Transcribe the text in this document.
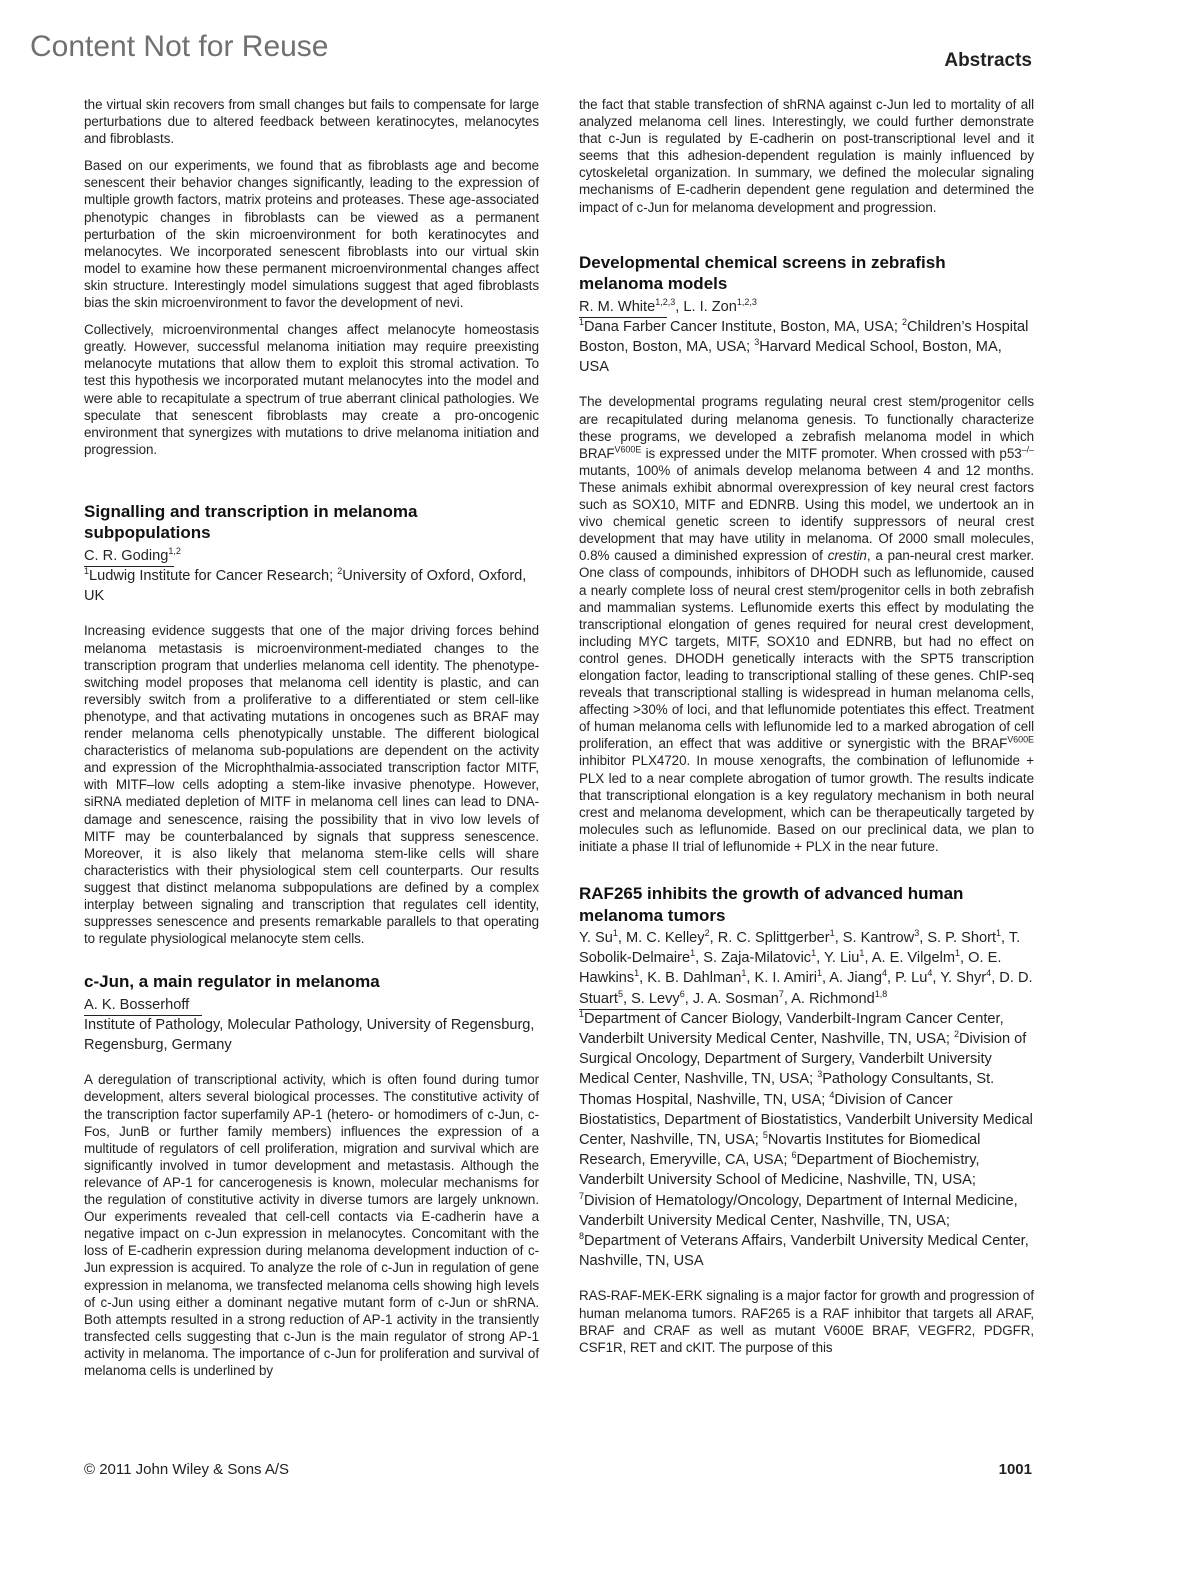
Content Not for Reuse	Abstracts

the virtual skin recovers from small changes but fails to compensate for large perturbations due to altered feedback between keratinocytes, melanocytes and fibroblasts.

Based on our experiments, we found that as fibroblasts age and become senescent their behavior changes significantly, leading to the expression of multiple growth factors, matrix proteins and proteases. These age-associated phenotypic changes in fibroblasts can be viewed as a permanent perturbation of the skin microenvironment for both keratinocytes and melanocytes. We incorporated senescent fibroblasts into our virtual skin model to examine how these permanent microenvironmental changes affect skin structure. Interestingly model simulations suggest that aged fibroblasts bias the skin microenvironment to favor the development of nevi.

Collectively, microenvironmental changes affect melanocyte homeostasis greatly. However, successful melanoma initiation may require preexisting melanocyte mutations that allow them to exploit this stromal activation. To test this hypothesis we incorporated mutant melanocytes into the model and were able to recapitulate a spectrum of true aberrant clinical pathologies. We speculate that senescent fibroblasts may create a pro-oncogenic environment that synergizes with mutations to drive melanoma initiation and progression.

Signalling and transcription in melanoma subpopulations
C. R. Goding$^{1,2}$
$^1$Ludwig Institute for Cancer Research; $^2$University of Oxford, Oxford, UK

Increasing evidence suggests that one of the major driving forces behind melanoma metastasis is microenvironment-mediated changes to the transcription program that underlies melanoma cell identity. The phenotype-switching model proposes that melanoma cell identity is plastic, and can reversibly switch from a proliferative to a differentiated or stem cell-like phenotype, and that activating mutations in oncogenes such as BRAF may render melanoma cells phenotypically unstable. The different biological characteristics of melanoma sub-populations are dependent on the activity and expression of the Microphthalmia-associated transcription factor MITF, with MITF–low cells adopting a stem-like invasive phenotype. However, siRNA mediated depletion of MITF in melanoma cell lines can lead to DNA-damage and senescence, raising the possibility that in vivo low levels of MITF may be counterbalanced by signals that suppress senescence. Moreover, it is also likely that melanoma stem-like cells will share characteristics with their physiological stem cell counterparts. Our results suggest that distinct melanoma subpopulations are defined by a complex interplay between signaling and transcription that regulates cell identity, suppresses senescence and presents remarkable parallels to that operating to regulate physiological melanocyte stem cells.

c-Jun, a main regulator in melanoma
A. K. Bosserhoff
Institute of Pathology, Molecular Pathology, University of Regensburg, Regensburg, Germany

A deregulation of transcriptional activity, which is often found during tumor development, alters several biological processes. The constitutive activity of the transcription factor superfamily AP-1 (hetero- or homodimers of c-Jun, c-Fos, JunB or further family members) influences the expression of a multitude of regulators of cell proliferation, migration and survival which are significantly involved in tumor development and metastasis. Although the relevance of AP-1 for cancerogenesis is known, molecular mechanisms for the regulation of constitutive activity in diverse tumors are largely unknown. Our experiments revealed that cell-cell contacts via E-cadherin have a negative impact on c-Jun expression in melanocytes. Concomitant with the loss of E-cadherin expression during melanoma development induction of c-Jun expression is acquired. To analyze the role of c-Jun in regulation of gene expression in melanoma, we transfected melanoma cells showing high levels of c-Jun using either a dominant negative mutant form of c-Jun or shRNA. Both attempts resulted in a strong reduction of AP-1 activity in the transiently transfected cells suggesting that c-Jun is the main regulator of strong AP-1 activity in melanoma. The importance of c-Jun for proliferation and survival of melanoma cells is underlined by

the fact that stable transfection of shRNA against c-Jun led to mortality of all analyzed melanoma cell lines. Interestingly, we could further demonstrate that c-Jun is regulated by E-cadherin on post-transcriptional level and it seems that this adhesion-dependent regulation is mainly influenced by cytoskeletal organization. In summary, we defined the molecular signaling mechanisms of E-cadherin dependent gene regulation and determined the impact of c-Jun for melanoma development and progression.

Developmental chemical screens in zebrafish melanoma models
R. M. White$^{1,2,3}$, L. I. Zon$^{1,2,3}$
$^1$Dana Farber Cancer Institute, Boston, MA, USA; $^2$Children’s Hospital Boston, Boston, MA, USA; $^3$Harvard Medical School, Boston, MA, USA

The developmental programs regulating neural crest stem/progenitor cells are recapitulated during melanoma genesis. To functionally characterize these programs, we developed a zebrafish melanoma model in which $BRAF^{V600E}$ is expressed under the MITF promoter. When crossed with p53–/– mutants, 100% of animals develop melanoma between 4 and 12 months. These animals exhibit abnormal overexpression of key neural crest factors such as SOX10, MITF and EDNRB. Using this model, we undertook an in vivo chemical genetic screen to identify suppressors of neural crest development that may have utility in melanoma. Of 2000 small molecules, 0.8% caused a diminished expression of crestin, a pan-neural crest marker. One class of compounds, inhibitors of DHODH such as leflunomide, caused a nearly complete loss of neural crest stem/progenitor cells in both zebrafish and mammalian systems. Leflunomide exerts this effect by modulating the transcriptional elongation of genes required for neural crest development, including MYC targets, MITF, SOX10 and EDNRB, but had no effect on control genes. DHODH genetically interacts with the SPT5 transcription elongation factor, leading to transcriptional stalling of these genes. ChIP-seq reveals that transcriptional stalling is widespread in human melanoma cells, affecting >30% of loci, and that leflunomide potentiates this effect. Treatment of human melanoma cells with leflunomide led to a marked abrogation of cell proliferation, an effect that was additive or synergistic with the $BRAF^{V600E}$ inhibitor PLX4720. In mouse xenografts, the combination of leflunomide + PLX led to a near complete abrogation of tumor growth. The results indicate that transcriptional elongation is a key regulatory mechanism in both neural crest and melanoma development, which can be therapeutically targeted by molecules such as leflunomide. Based on our preclinical data, we plan to initiate a phase II trial of leflunomide + PLX in the near future.

RAF265 inhibits the growth of advanced human melanoma tumors
Y. Su$^1$, M. C. Kelley$^2$, R. C. Splittgerber$^1$, S. Kantrow$^3$, S. P. Short$^1$, T. Sobolik-Delmaire$^1$, S. Zaja-Milatovic$^1$, Y. Liu$^1$, A. E. Vilgelm$^1$, O. E. Hawkins$^1$, K. B. Dahlman$^1$, K. I. Amiri$^1$, A. Jiang$^4$, P. Lu$^4$, Y. Shyr$^4$, D. D. Stuart$^5$, S. Levy$^6$, J. A. Sosman$^7$, A. Richmond$^{1,8}$
$^1$Department of Cancer Biology, Vanderbilt-Ingram Cancer Center, Vanderbilt University Medical Center, Nashville, TN, USA; $^2$Division of Surgical Oncology, Department of Surgery, Vanderbilt University Medical Center, Nashville, TN, USA; $^3$Pathology Consultants, St. Thomas Hospital, Nashville, TN, USA; $^4$Division of Cancer Biostatistics, Department of Biostatistics, Vanderbilt University Medical Center, Nashville, TN, USA; $^5$Novartis Institutes for Biomedical Research, Emeryville, CA, USA; $^6$Department of Biochemistry, Vanderbilt University School of Medicine, Nashville, TN, USA; $^7$Division of Hematology/Oncology, Department of Internal Medicine, Vanderbilt University Medical Center, Nashville, TN, USA; $^8$Department of Veterans Affairs, Vanderbilt University Medical Center, Nashville, TN, USA

RAS-RAF-MEK-ERK signaling is a major factor for growth and progression of human melanoma tumors. RAF265 is a RAF inhibitor that targets all ARAF, BRAF and CRAF as well as mutant V600E BRAF, VEGFR2, PDGFR, CSF1R, RET and cKIT. The purpose of this

© 2011 John Wiley & Sons A/S	1001
